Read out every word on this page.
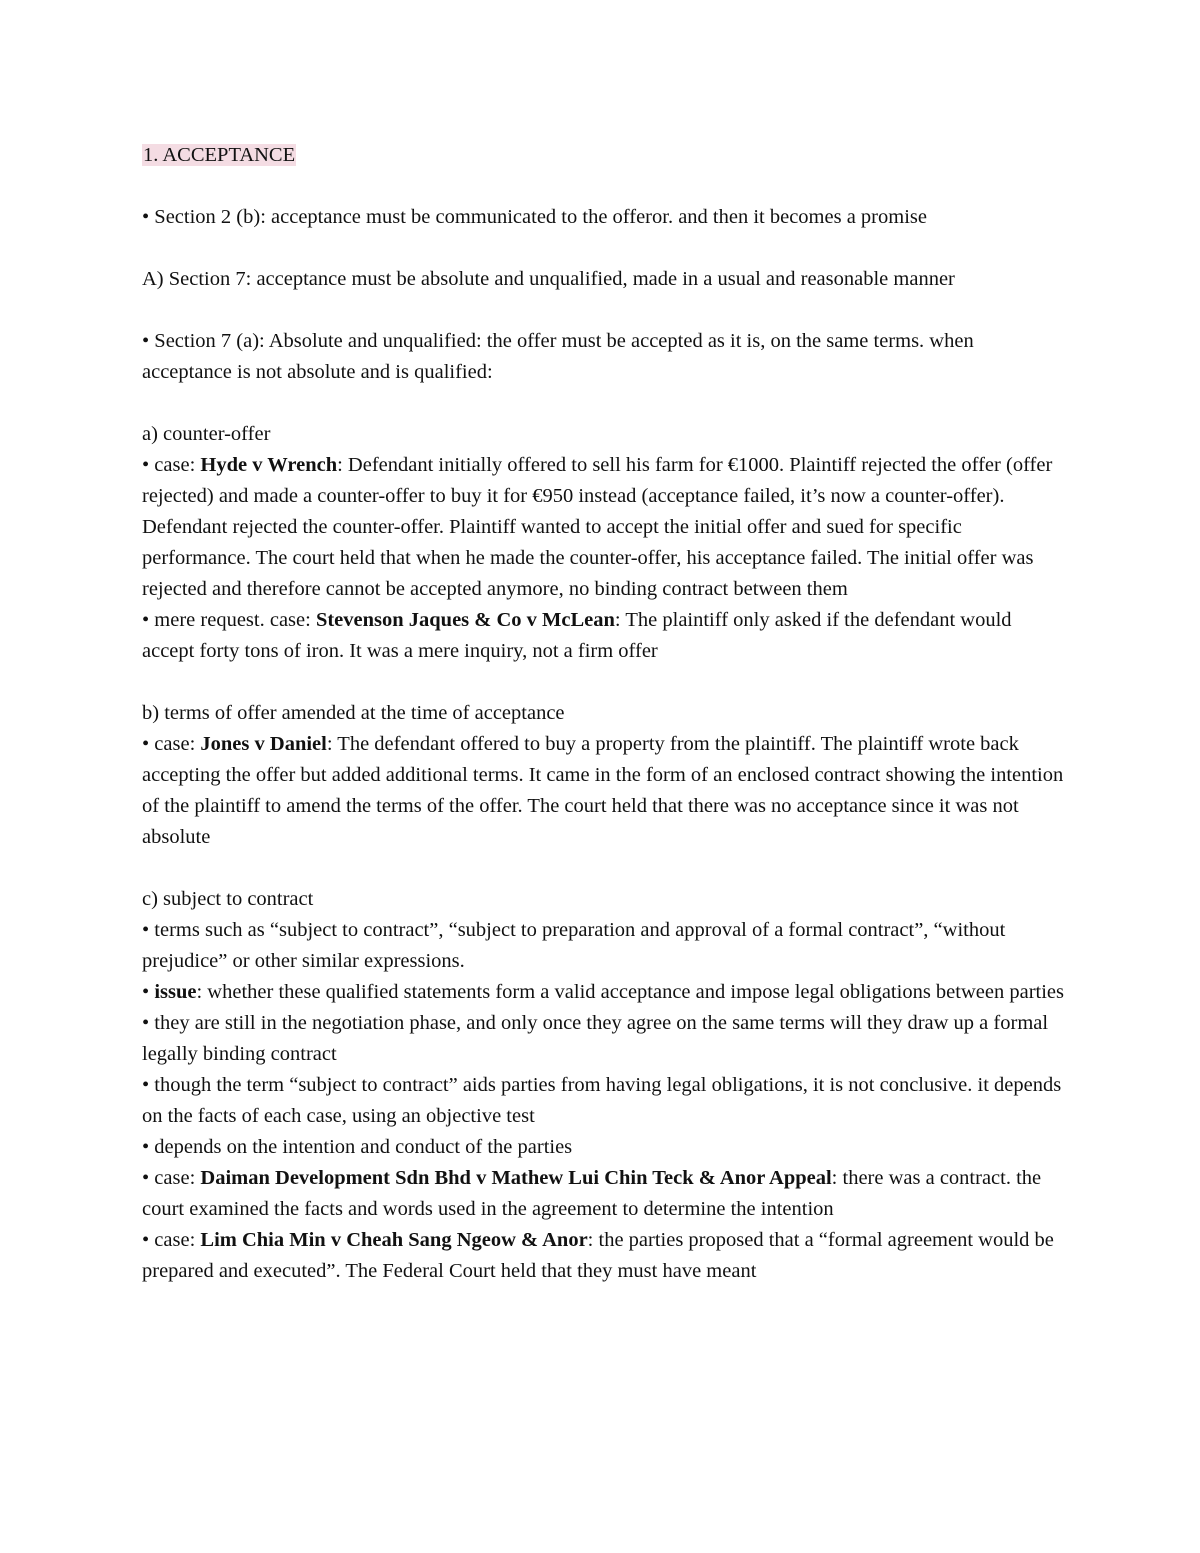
1. ACCEPTANCE

• Section 2 (b): acceptance must be communicated to the offeror. and then it becomes a promise

A) Section 7: acceptance must be absolute and unqualified, made in a usual and reasonable manner

• Section 7 (a): Absolute and unqualified: the offer must be accepted as it is, on the same terms. when acceptance is not absolute and is qualified:

a) counter-offer

• case: Hyde v Wrench: Defendant initially offered to sell his farm for €1000. Plaintiff rejected the offer (offer rejected) and made a counter-offer to buy it for €950 instead (acceptance failed, it’s now a counter-offer). Defendant rejected the counter-offer. Plaintiff wanted to accept the initial offer and sued for specific performance. The court held that when he made the counter-offer, his acceptance failed. The initial offer was rejected and therefore cannot be accepted anymore, no binding contract between them

• mere request. case: Stevenson Jaques & Co v McLean: The plaintiff only asked if the defendant would accept forty tons of iron. It was a mere inquiry, not a firm offer

b) terms of offer amended at the time of acceptance

• case: Jones v Daniel: The defendant offered to buy a property from the plaintiff. The plaintiff wrote back accepting the offer but added additional terms. It came in the form of an enclosed contract showing the intention of the plaintiff to amend the terms of the offer. The court held that there was no acceptance since it was not absolute

c) subject to contract

• terms such as “subject to contract”, “subject to preparation and approval of a formal contract”, “without prejudice” or other similar expressions.

• issue: whether these qualified statements form a valid acceptance and impose legal obligations between parties

• they are still in the negotiation phase, and only once they agree on the same terms will they draw up a formal legally binding contract

• though the term “subject to contract” aids parties from having legal obligations, it is not conclusive. it depends on the facts of each case, using an objective test

• depends on the intention and conduct of the parties

• case: Daiman Development Sdn Bhd v Mathew Lui Chin Teck & Anor Appeal: there was a contract. the court examined the facts and words used in the agreement to determine the intention

• case: Lim Chia Min v Cheah Sang Ngeow & Anor: the parties proposed that a “formal agreement would be prepared and executed”. The Federal Court held that they must have meant
